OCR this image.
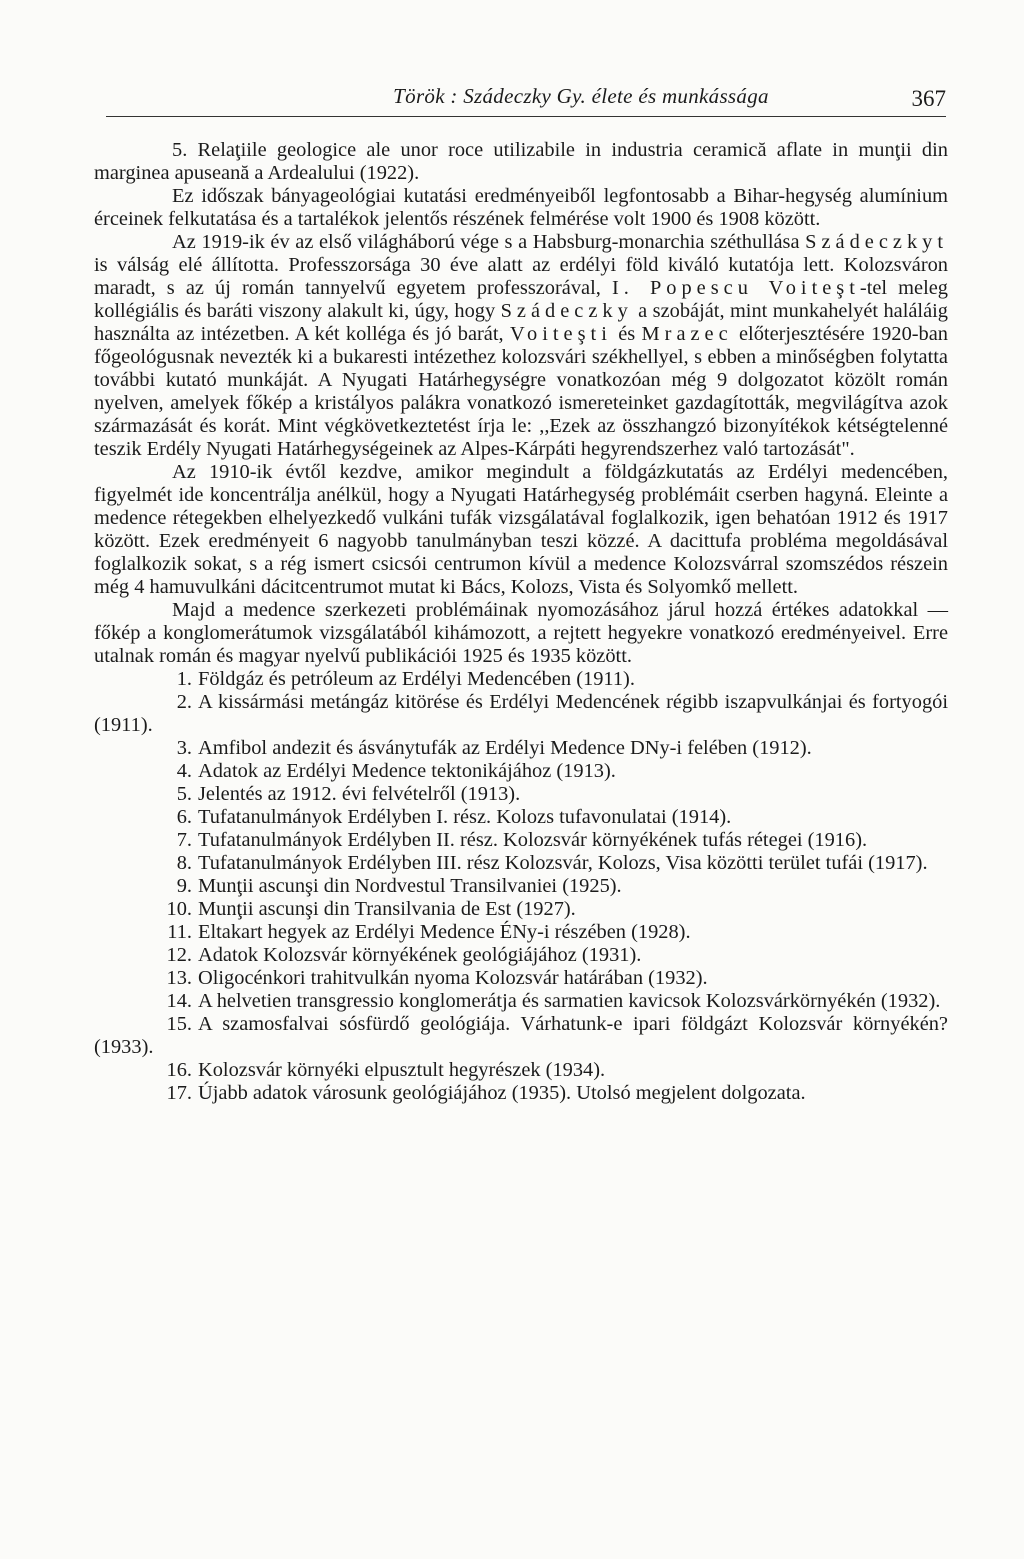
Török : Szádeczky Gy. élete és munkássága	367

5. Relaţiile geologice ale unor roce utilizabile in industria ceramică aflate in munţii din marginea apuseană a Ardealului (1922).

Ez időszak bányageológiai kutatási eredményeiből legfontosabb a Bihar-hegység alumínium érceinek felkutatása és a tartalékok jelentős részének felmérése volt 1900 és 1908 között.

Az 1919-ik év az első világháború vége s a Habsburg-monarchia széthullása Szádeczkyt is válság elé állította. Professzorsága 30 éve alatt az erdélyi föld kiváló kutatója lett. Kolozsváron maradt, s az új román tannyelvű egyetem professzorával, I. Popescu Voiteşt-tel meleg kollégiális és baráti viszony alakult ki, úgy, hogy Szádeczky a szobáját, mint munkahelyét haláláig használta az intézetben. A két kolléga és jó barát, Voiteşti és Mrazec előterjesztésére 1920-ban főgeológusnak nevezték ki a bukaresti intézethez kolozsvári székhellyel, s ebben a minőségben folytatta további kutató munkáját. A Nyugati Határhegységre vonatkozóan még 9 dolgozatot közölt román nyelven, amelyek főkép a kristályos palákra vonatkozó ismereteinket gazdagították, megvilágítva azok származását és korát. Mint végkövetkeztetést írja le: ,,Ezek az összhangzó bizonyítékok kétségtelenné teszik Erdély Nyugati Határhegységeinek az Alpes-Kárpáti hegyrendszerhez való tartozását".

Az 1910-ik évtől kezdve, amikor megindult a földgázkutatás az Erdélyi medencében, figyelmét ide koncentrálja anélkül, hogy a Nyugati Határhegység problémáit cserben hagyná. Eleinte a medence rétegekben elhelyezkedő vulkáni tufák vizsgálatával foglalkozik, igen behatóan 1912 és 1917 között. Ezek eredményeit 6 nagyobb tanulmányban teszi közzé. A dacittufa probléma megoldásával foglalkozik sokat, s a rég ismert csicsói centrumon kívül a medence Kolozsvárral szomszédos részein még 4 hamuvulkáni dácitcentrumot mutat ki Bács, Kolozs, Vista és Solyomkő mellett.

Majd a medence szerkezeti problémáinak nyomozásához járul hozzá értékes adatokkal — főkép a konglomerátumok vizsgálatából kihámozott, a rejtett hegyekre vonatkozó eredményeivel. Erre utalnak román és magyar nyelvű publikációi 1925 és 1935 között.

1. Földgáz és petróleum az Erdélyi Medencében (1911).

2. A kissármási metángáz kitörése és Erdélyi Medencének régibb iszapvulkánjai és fortyogói (1911).

3. Amfibol andezit és ásványtufák az Erdélyi Medence DNy-i felében (1912).

4. Adatok az Erdélyi Medence tektonikájához (1913).

5. Jelentés az 1912. évi felvételről (1913).

6. Tufatanulmányok Erdélyben I. rész. Kolozs tufavonulatai (1914).

7. Tufatanulmányok Erdélyben II. rész. Kolozsvár környékének tufás rétegei (1916).

8. Tufatanulmányok Erdélyben III. rész Kolozsvár, Kolozs, Visa közötti terület tufái (1917).

9. Munţii ascunşi din Nordvestul Transilvaniei (1925).

10. Munţii ascunşi din Transilvania de Est (1927).

11. Eltakart hegyek az Erdélyi Medence ÉNy-i részében (1928).

12. Adatok Kolozsvár környékének geológiájához (1931).

13. Oligocénkori trahitvulkán nyoma Kolozsvár határában (1932).

14. A helvetien transgressio konglomerátja és sarmatien kavicsok Kolozsvárkörnyékén (1932).

15. A szamosfalvai sósfürdő geológiája. Várhatunk-e ipari földgázt Kolozsvár környékén? (1933).

16. Kolozsvár környéki elpusztult hegyrészek (1934).

17. Újabb adatok városunk geológiájához (1935). Utolsó megjelent dolgozata.
